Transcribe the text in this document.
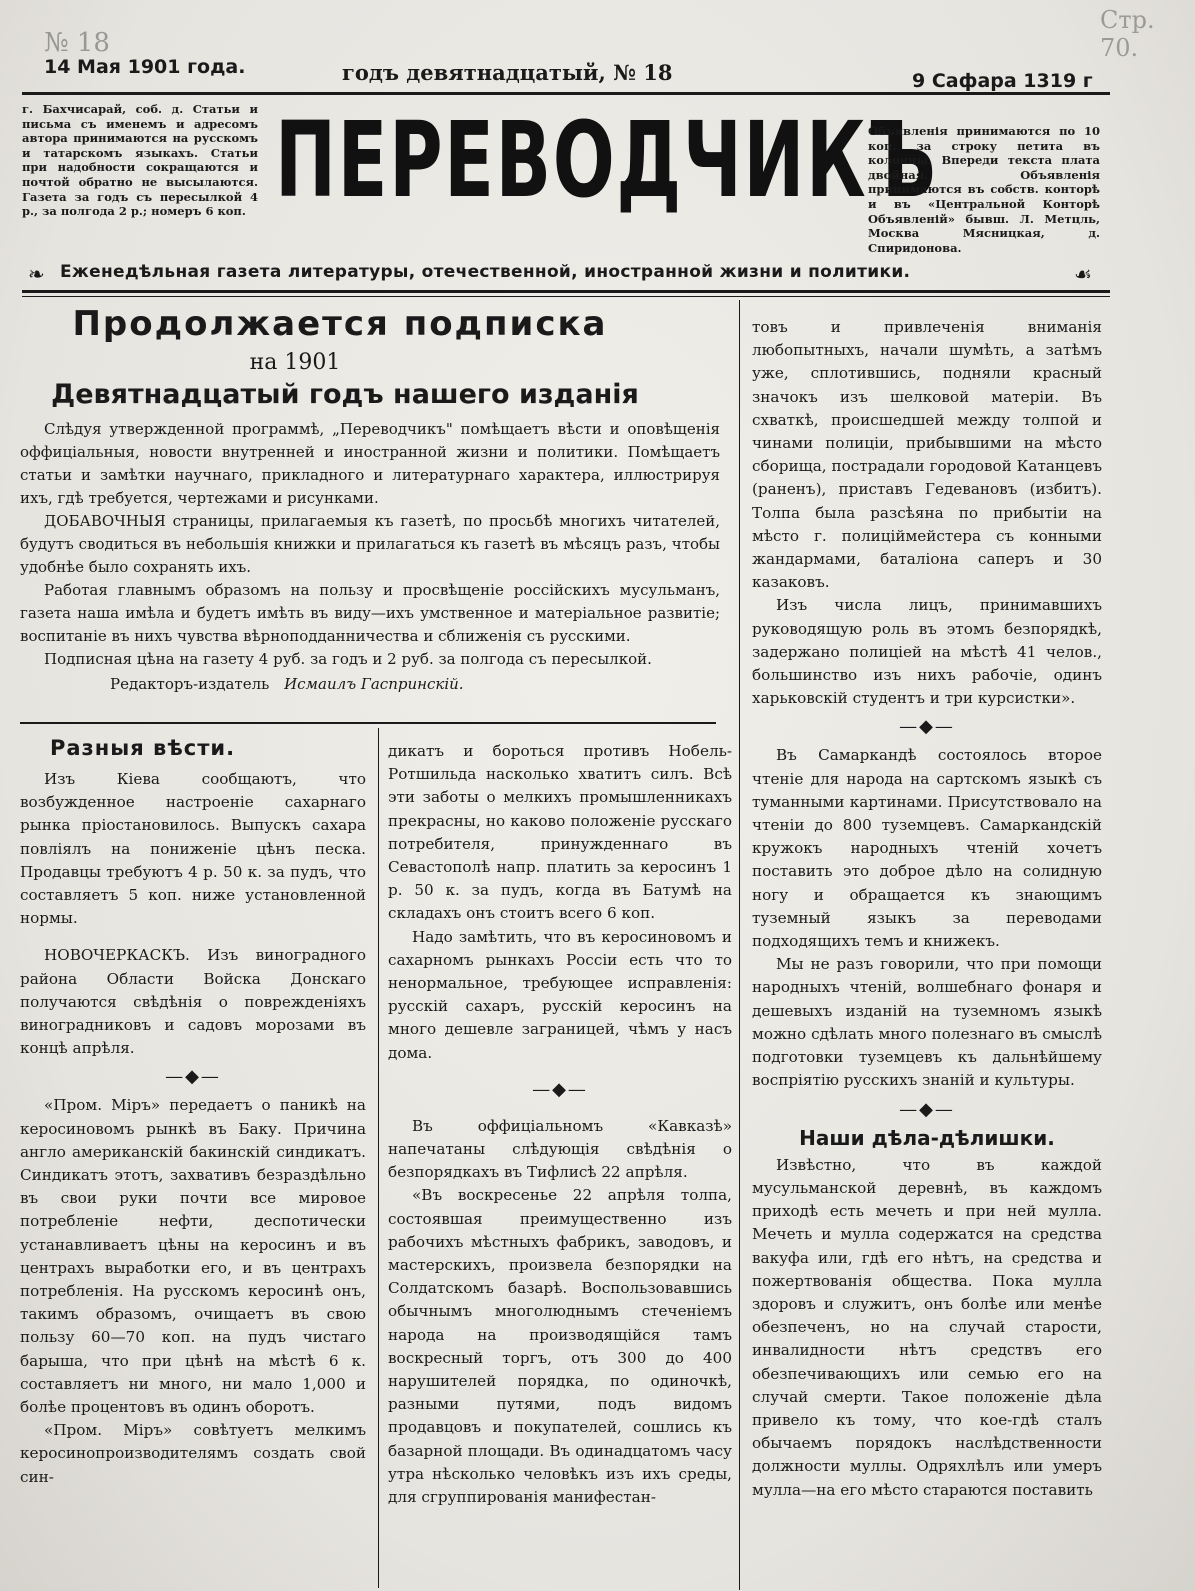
14 Мая 1901 года.	годъ девятнадцатый, № 18	9 Сафара 1319 г
Стр. 70.
№ 18
г. Бахчисарай, соб. д. Статьи и письма съ именемъ и адресомъ автора принимаются на русскомъ и татарскомъ языкахъ. Статьи при надобности сокращаются и почтой обратно не высылаются. Газета за годъ съ пересылкой 4 р., за полгода 2 р.; номеръ 6 коп. ПЕРЕВОДЧИКЪ
Объявленія принимаются по 10 коп. за строку петита въ колонны. Впереди текста плата двойная. Объявленія принимаются въ собств. конторѣ и въ «Центральной Конторѣ Объявленій» бывш. Л. Метцль, Москва Мясницкая, д. Спиридонова.
❧ Еженедѣльная газета литературы, отечественной, иностранной жизни и политики.	☙
Продолжается подписка
на 1901
Девятнадцатый годъ нашего изданія

Слѣдуя утвержденной программѣ, „Переводчикъ" помѣщаетъ вѣсти и оповѣщенія оффиціальныя, новости внутренней и иностранной жизни и политики. Помѣщаетъ статьи и замѣтки научнаго, прикладного и литературнаго характера, иллюстрируя ихъ, гдѣ требуется, чертежами и рисунками.

ДОБАВОЧНЫЯ страницы, прилагаемыя къ газетѣ, по просьбѣ многихъ читателей, будутъ сводиться въ небольшія книжки и прилагаться къ газетѣ въ мѣсяцъ разъ, чтобы удобнѣе было сохранять ихъ.

Работая главнымъ образомъ на пользу и просвѣщеніе россійскихъ мусульманъ, газета наша имѣла и будетъ имѣть въ виду—ихъ умственное и матеріальное развитіе; воспитаніе въ нихъ чувства вѣрноподданничества и сближенія съ русскими.

Подписная цѣна на газету 4 руб. за годъ и 2 руб. за полгода съ пересылкой.

Редакторъ-издатель Исмаилъ Гаспринскій.

Разныя вѣсти.

Изъ Кіева сообщаютъ, что возбужденное настроеніе сахарнаго рынка пріостановилось. Выпускъ сахара повліялъ на пониженіе цѣнъ песка. Продавцы требуютъ 4 р. 50 к. за пудъ, что составляетъ 5 коп. ниже установленной нормы.

НОВОЧЕРКАСКЪ. Изъ виноградного района Области Войска Донскаго получаются свѣдѣнія о поврежденіяхъ виноградниковъ и садовъ морозами въ концѣ апрѣля.

—◆—

«Пром. Міръ» передаетъ о паникѣ на керосиновомъ рынкѣ въ Баку. Причина англо американскій бакинскій синдикатъ. Синдикатъ этотъ, захвативъ безраздѣльно въ свои руки почти все мировое потребленіе нефти, деспотически устанавливаетъ цѣны на керосинъ и въ центрахъ выработки его, и въ центрахъ потребленія. На русскомъ керосинѣ онъ, такимъ образомъ, очищаетъ въ свою пользу 60—70 коп. на пудъ чистаго барыша, что при цѣнѣ на мѣстѣ 6 к. составляетъ ни много, ни мало 1,000 и болѣе процентовъ въ одинъ оборотъ.

«Пром. Міръ» совѣтуетъ мелкимъ керосинопроизводителямъ создать свой син-

дикатъ и бороться противъ Нобель-Ротшильда насколько хватитъ силъ. Всѣ эти заботы о мелкихъ промышленникахъ прекрасны, но каково положеніе русскаго потребителя, принужденнаго въ Севастополѣ напр. платить за керосинъ 1 р. 50 к. за пудъ, когда въ Батумѣ на складахъ онъ стоитъ всего 6 коп.

Надо замѣтить, что въ керосиновомъ и сахарномъ рынкахъ Россіи есть что то ненормальное, требующее исправленія: русскій сахаръ, русскій керосинъ на много дешевле заграницей, чѣмъ у насъ дома.

—◆—

Въ оффиціальномъ «Кавказѣ» напечатаны слѣдующія свѣдѣнія о безпорядкахъ въ Тифлисѣ 22 апрѣля.

«Въ воскресенье 22 апрѣля толпа, состоявшая преимущественно изъ рабочихъ мѣстныхъ фабрикъ, заводовъ, и мастерскихъ, произвела безпорядки на Солдатскомъ базарѣ. Воспользовавшись обычнымъ многолюднымъ стеченіемъ народа на производящійся тамъ воскресный торгъ, отъ 300 до 400 нарушителей порядка, по одиночкѣ, разными путями, подъ видомъ продавцовъ и покупателей, сошлись къ базарной площади. Въ одинадцатомъ часу утра нѣсколько человѣкъ изъ ихъ среды, для сгруппированія манифестан-

товъ и привлеченія вниманія любопытныхъ, начали шумѣть, а затѣмъ уже, сплотившись, подняли красный значокъ изъ шелковой матеріи. Въ схваткѣ, происшедшей между толпой и чинами полиціи, прибывшими на мѣсто сборища, пострадали городовой Катанцевъ (раненъ), приставъ Гедевановъ (избитъ). Толпа была разсѣяна по прибытіи на мѣсто г. полиціймейстера съ конными жандармами, баталіона саперъ и 30 казаковъ.

Изъ числа лицъ, принимавшихъ руководящую роль въ этомъ безпорядкѣ, задержано полиціей на мѣстѣ 41 челов., большинство изъ нихъ рабочіе, одинъ харьковскій студентъ и три курсистки».

—◆—

Въ Самаркандѣ состоялось второе чтеніе для народа на сартскомъ языкѣ съ туманными картинами. Присутствовало на чтеніи до 800 туземцевъ. Самаркандскій кружокъ народныхъ чтеній хочетъ поставить это доброе дѣло на солидную ногу и обращается къ знающимъ туземный языкъ за переводами подходящихъ темъ и книжекъ.

Мы не разъ говорили, что при помощи народныхъ чтеній, волшебнаго фонаря и дешевыхъ изданій на туземномъ языкѣ можно сдѣлать много полезнаго въ смыслѣ подготовки туземцевъ къ дальнѣйшему воспріятію русскихъ знаній и культуры.

—◆—
Наши дѣла-дѣлишки.

Извѣстно, что въ каждой мусульманской деревнѣ, въ каждомъ приходѣ есть мечеть и при ней мулла. Мечеть и мулла содержатся на средства вакуфа или, гдѣ его нѣтъ, на средства и пожертвованія общества. Пока мулла здоровъ и служитъ, онъ болѣе или менѣе обезпеченъ, но на случай старости, инвалидности нѣтъ средствъ его обезпечивающихъ или семью его на случай смерти. Такое положеніе дѣла привело къ тому, что кое-гдѣ сталъ обычаемъ порядокъ наслѣдственности должности муллы. Одряхлѣлъ или умеръ мулла—на его мѣсто стараются поставить
